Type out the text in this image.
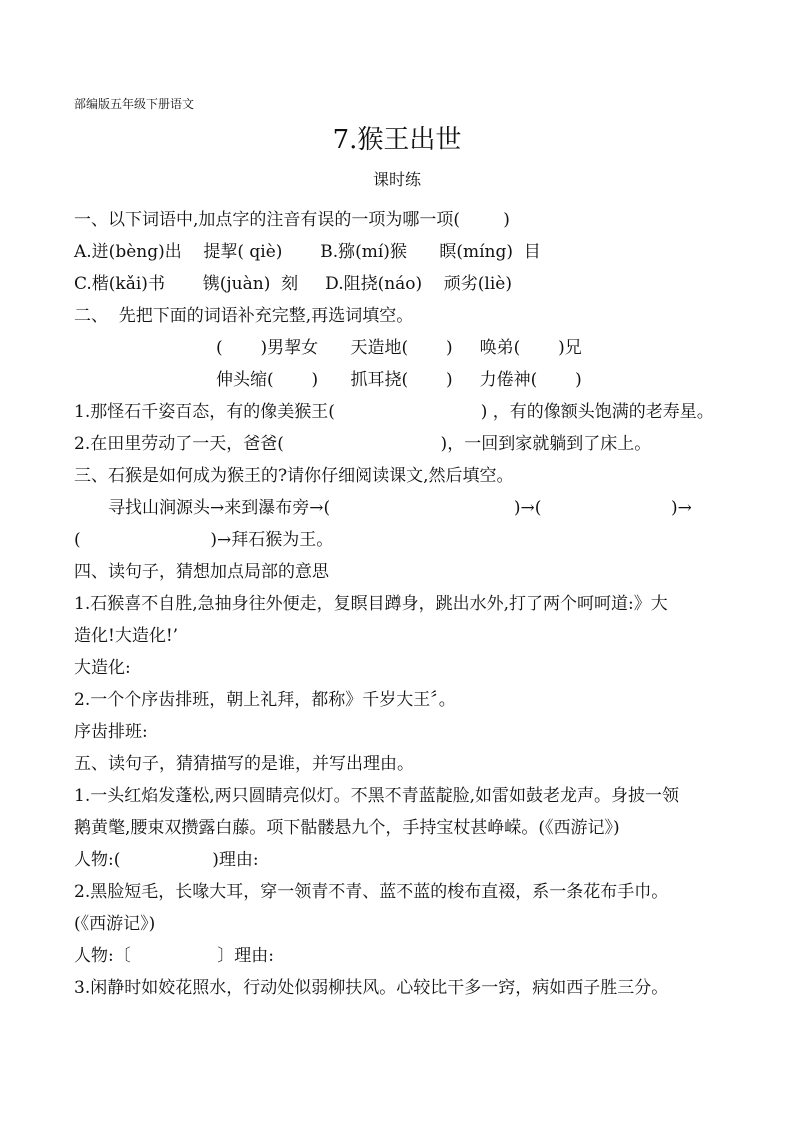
部编版五年级下册语文
7.猴王出世
课时练
一、以下词语中,加点字的注音有误的一项为哪一项(        )
A.迸(bèng)出    提挈( qiè)       B.猕(mí)猴      瞑(míng)  目
C.楷(kǎi)书       镌(juàn)  刻     D.阻挠(náo)    顽劣(liè)
二、  先把下面的词语补充完整,再选词填空。
(       )男挈女      天造地(       )     唤弟(       )兄
伸头缩(       )      抓耳挠(       )     力倦神(       )
1.那怪石千姿百态，有的像美猴王(                           ) ，有的像额头饱满的老寿星。
2.在田里劳动了一天，爸爸(                             )，一回到家就躺到了床上。
三、石猴是如何成为猴王的?请你仔细阅读课文,然后填空。
寻找山涧源头→来到瀑布旁→(                                  )→(                        )→
(                        )→拜石猴为王。
四、读句子，猜想加点局部的意思
1.石猴喜不自胜,急抽身往外便走，复瞑目蹲身，跳出水外,打了两个呵呵道:》大
造化!大造化!’
大造化:
2.一个个序齿排班，朝上礼拜，都称》千岁大王〞。
序齿排班:
五、读句子，猜猜描写的是谁，并写出理由。
1.一头红焰发蓬松,两只圆睛亮似灯。不黑不青蓝靛脸,如雷如鼓老龙声。身披一领
鹅黄氅,腰束双攒露白藤。项下骷髅悬九个，手持宝杖甚峥嵘。(《西游记》)
人物:(                 )理由:
2.黑脸短毛，长喙大耳，穿一领青不青、蓝不蓝的梭布直裰，系一条花布手巾。
(《西游记》)
人物:〔                〕理由:
3.闲静时如姣花照水，行动处似弱柳扶风。心较比干多一窍，病如西子胜三分。
